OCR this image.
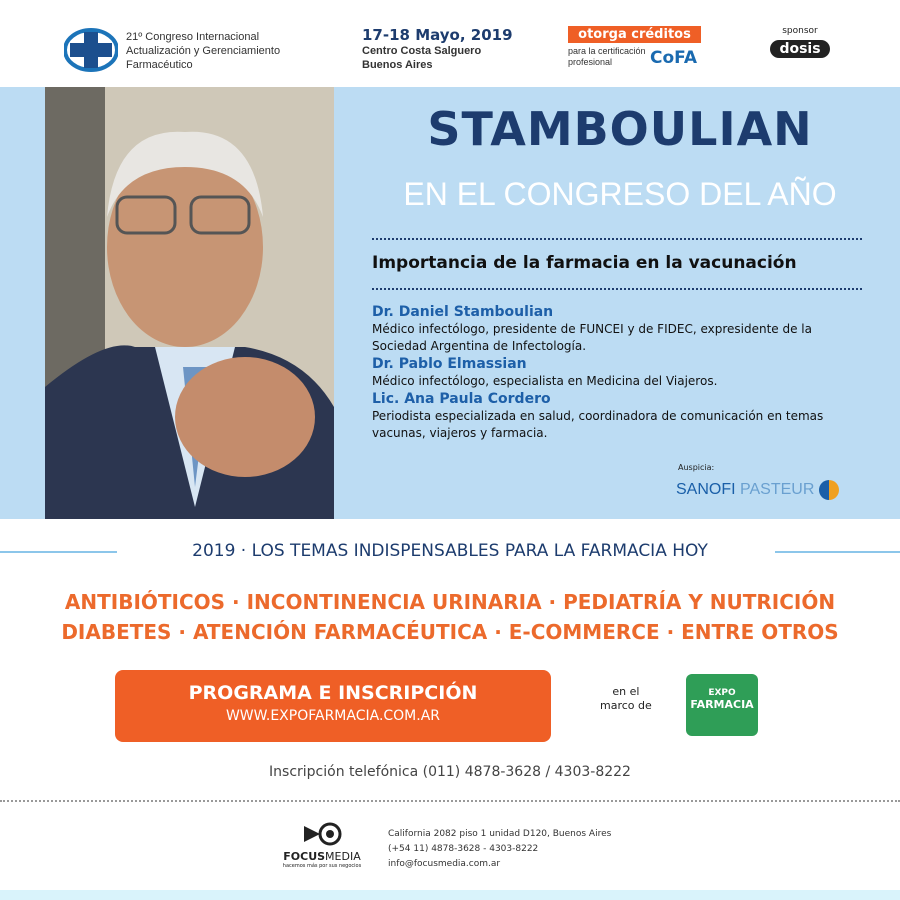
21º Congreso Internacional
Actualización y Gerenciamiento
Farmacéutico
17-18 Mayo, 2019
Centro Costa Salguero
Buenos Aires
otorga créditos
para la certificación
profesional	CoFA
sponsor
dosis
STAMBOULIAN
EN EL CONGRESO DEL AÑO
Importancia de la farmacia en la vacunación
Dr. Daniel Stamboulian
Médico infectólogo, presidente de FUNCEI y de FIDEC, expresidente de la Sociedad Argentina de Infectología.
Dr. Pablo Elmassian
Médico infectólogo, especialista en Medicina del Viajeros.
Lic. Ana Paula Cordero
Periodista especializada en salud, coordinadora de comunicación en temas vacunas, viajeros y farmacia.
Auspicia:
SANOFI PASTEUR
2019 · LOS TEMAS INDISPENSABLES PARA LA FARMACIA HOY
ANTIBIÓTICOS · INCONTINENCIA URINARIA · PEDIATRÍA Y NUTRICIÓN
DIABETES · ATENCIÓN FARMACÉUTICA · E-COMMERCE · ENTRE OTROS
PROGRAMA E INSCRIPCIÓN
WWW.EXPOFARMACIA.COM.AR
en el
marco de
EXPO
FARMACIA
Inscripción telefónica (011) 4878-3628 / 4303-8222
FOCUSMEDIA
hacemos más por sus negocios
California 2082 piso 1 unidad D120, Buenos Aires
(+54 11) 4878-3628 - 4303-8222
info@focusmedia.com.ar
